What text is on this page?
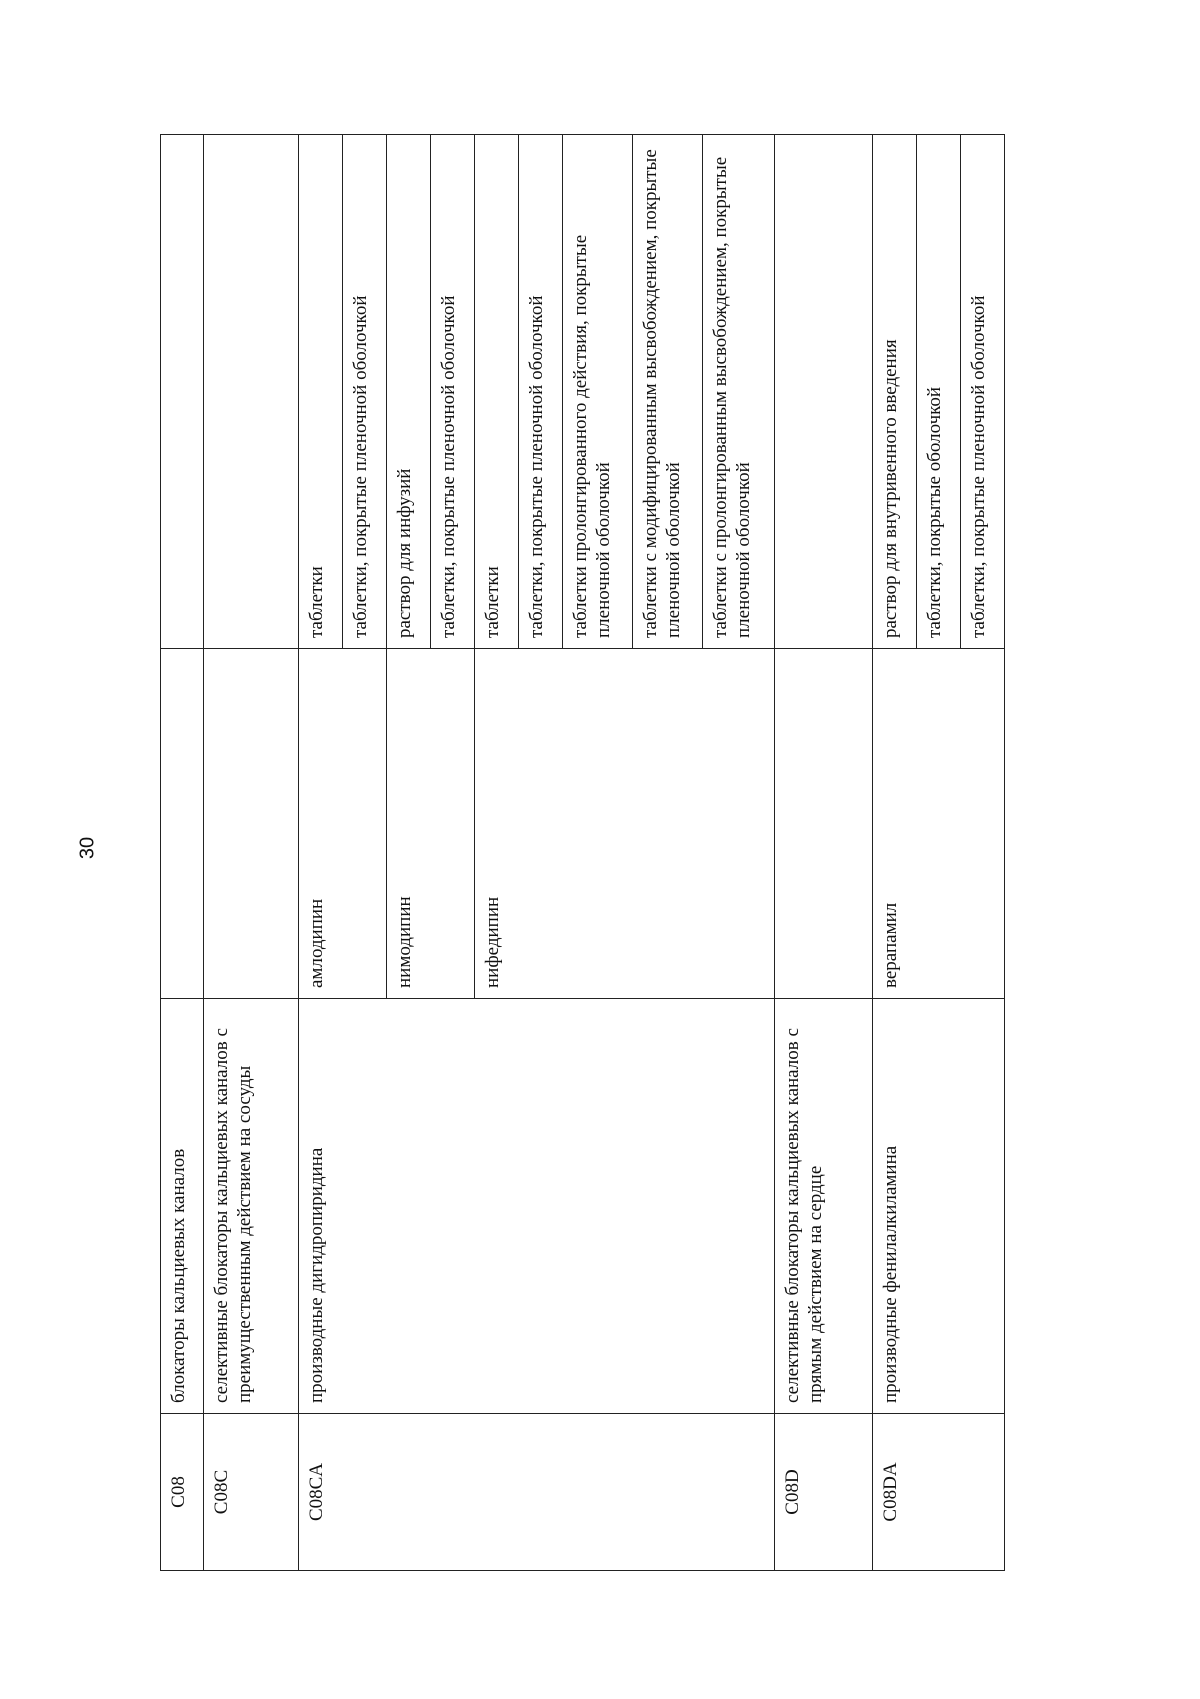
30
C08	блокаторы кальциевых каналов		
C08C	селективные блокаторы кальциевых каналов с преимущественным действием на сосуды		
C08CA	производные дигидропиридина	амлодипин	таблетки
			таблетки, покрытые пленочной оболочкой
		нимодипин	раствор для инфузий
			таблетки, покрытые пленочной оболочкой
		нифедипин	таблетки
			таблетки, покрытые пленочной оболочкой
			таблетки пролонгированного действия, покрытые пленочной оболочкой
			таблетки с модифицированным высвобождением, покрытые пленочной оболочкой
			таблетки с пролонгированным высвобождением, покрытые пленочной оболочкой
C08D	селективные блокаторы кальциевых каналов с прямым действием на сердце		
C08DA	производные фенилалкиламина	верапамил	раствор для внутривенного введения
			таблетки, покрытые оболочкой
			таблетки, покрытые пленочной оболочкой
